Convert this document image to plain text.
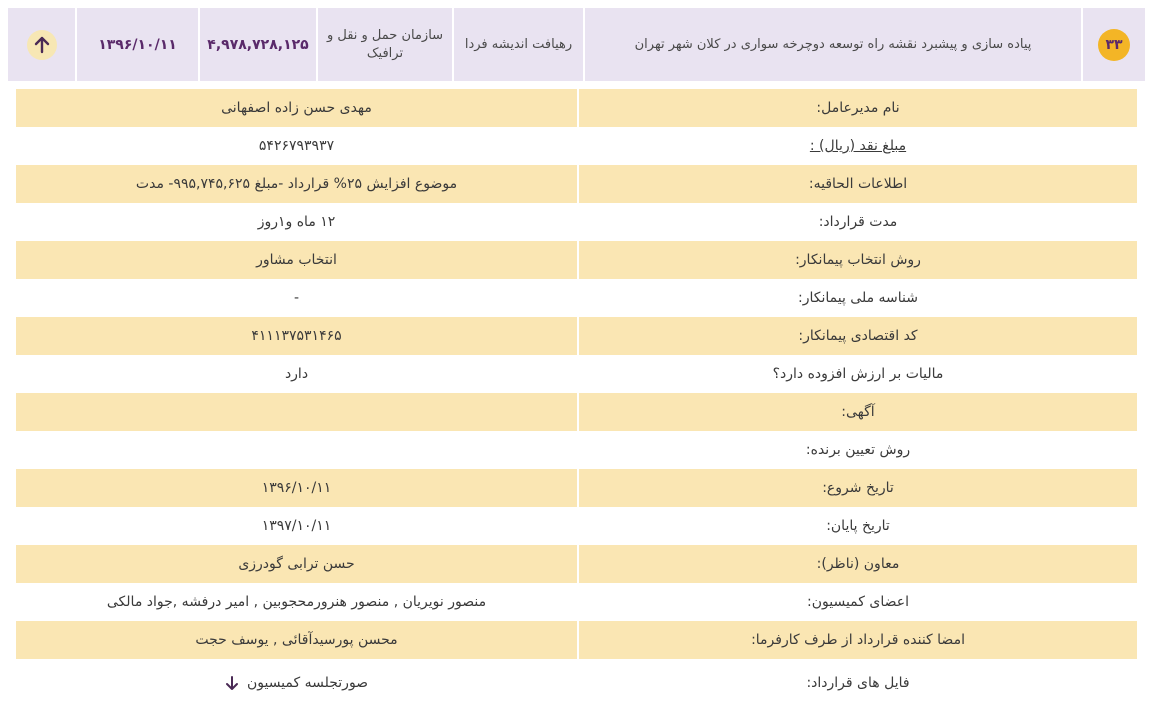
۳۳
پیاده سازی و پیشبرد نقشه راه توسعه دوچرخه سواری در کلان شهر تهران
رهیافت اندیشه فردا
سازمان حمل و نقل و ترافیک
۴,۹۷۸,۷۲۸,۱۲۵
۱۳۹۶/۱۰/۱۱
نام مدیرعامل:
مهدی حسن زاده اصفهانی
مبلغ نقد (ریال) :
۵۴۲۶۷۹۳۹۳۷
اطلاعات الحاقیه:
موضوع افزایش ۲۵% قرارداد -مبلغ ۹۹۵,۷۴۵,۶۲۵- مدت
مدت قرارداد:
۱۲ ماه و۱روز
روش انتخاب پیمانکار:
انتخاب مشاور
شناسه ملی پیمانکار:
-
کد اقتصادی پیمانکار:
۴۱۱۱۳۷۵۳۱۴۶۵
مالیات بر ارزش افزوده دارد؟
دارد
آگهی:
روش تعیین برنده:
تاریخ شروع:
۱۳۹۶/۱۰/۱۱
تاریخ پایان:
۱۳۹۷/۱۰/۱۱
معاون (ناظر):
حسن ترابی گودرزی
اعضای کمیسیون:
منصور نویریان , منصور هنرورمحجوبین , امیر درفشه ,جواد مالکی
امضا کننده قرارداد از طرف کارفرما:
محسن پورسیدآقائی , یوسف حجت
فایل های قرارداد:
صورتجلسه کمیسیون
